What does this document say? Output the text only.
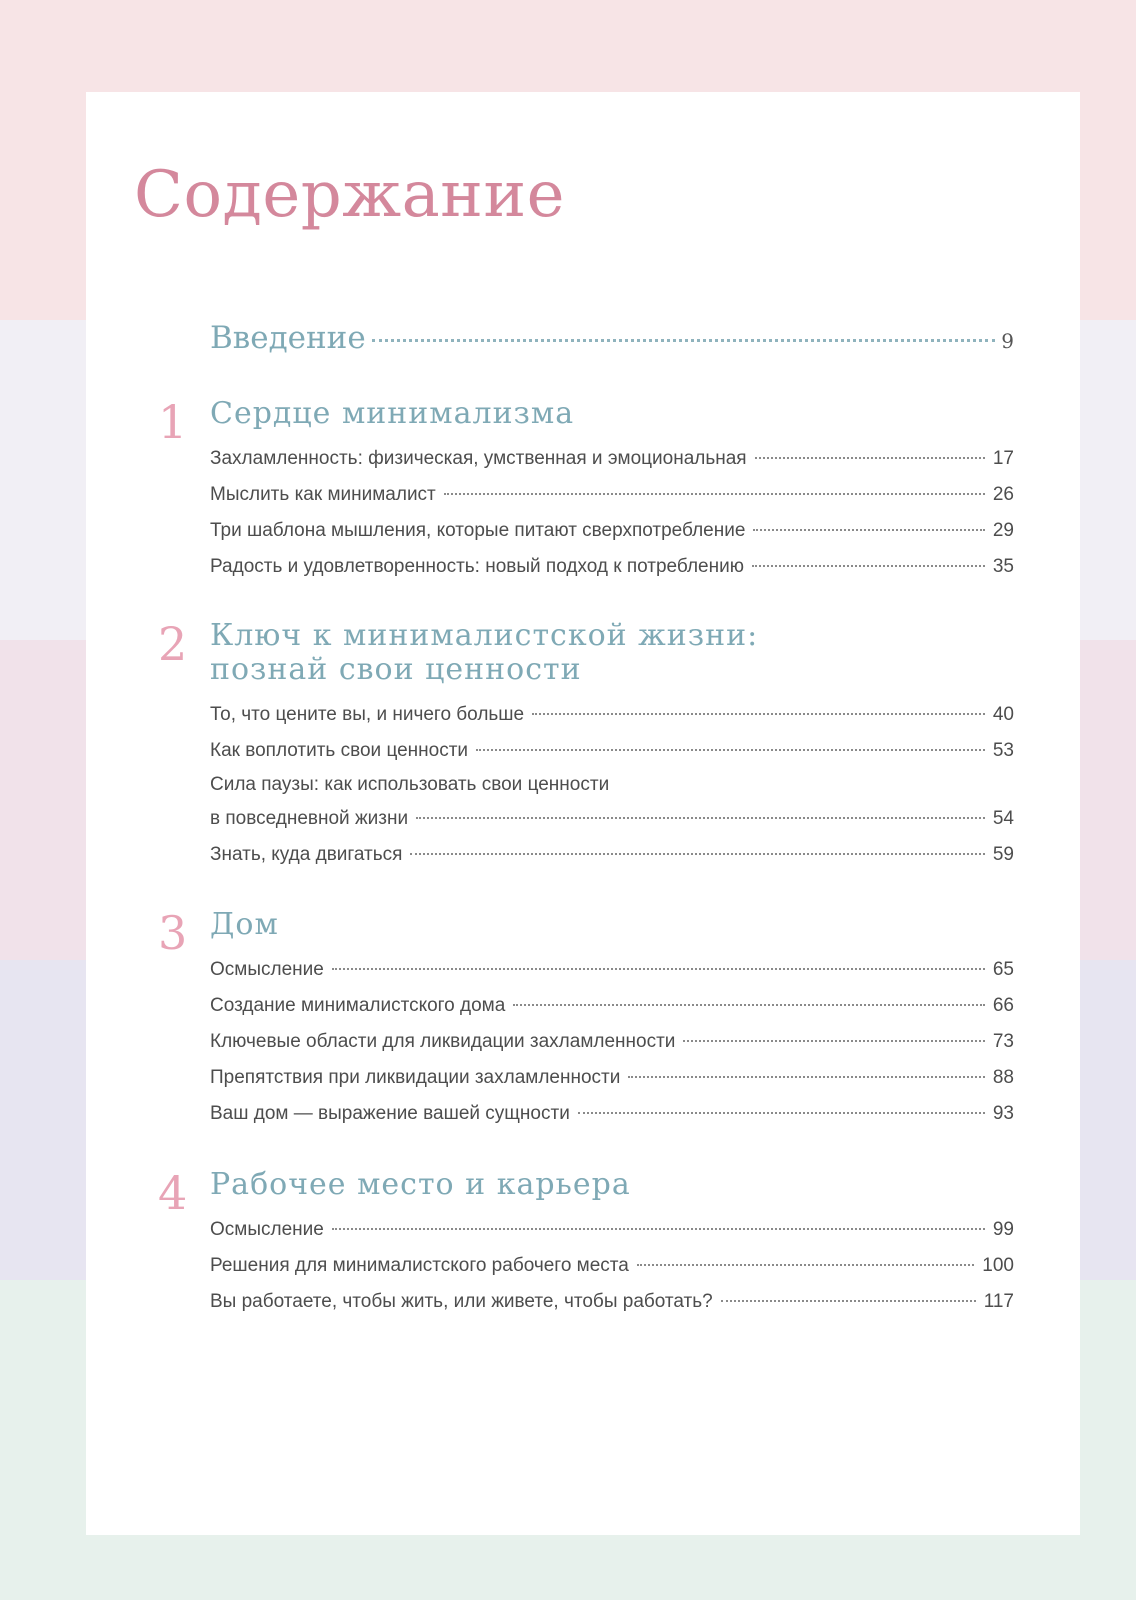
Содержание
Введение	9
1 Сердце минимализма
Захламленность: физическая, умственная и эмоциональная	17
Мыслить как минималист	26
Три шаблона мышления, которые питают сверхпотребление	29
Радость и удовлетворенность: новый подход к потреблению	35
2 Ключ к минималистской жизни:
познай свои ценности
То, что цените вы, и ничего больше	40
Как воплотить свои ценности	53
Сила паузы: как использовать свои ценности
в повседневной жизни	54
Знать, куда двигаться	59
3 Дом
Осмысление	65
Создание минималистского дома	66
Ключевые области для ликвидации захламленности	73
Препятствия при ликвидации захламленности	88
Ваш дом — выражение вашей сущности	93
4 Рабочее место и карьера
Осмысление	99
Решения для минималистского рабочего места	100
Вы работаете, чтобы жить, или живете, чтобы работать?	117
